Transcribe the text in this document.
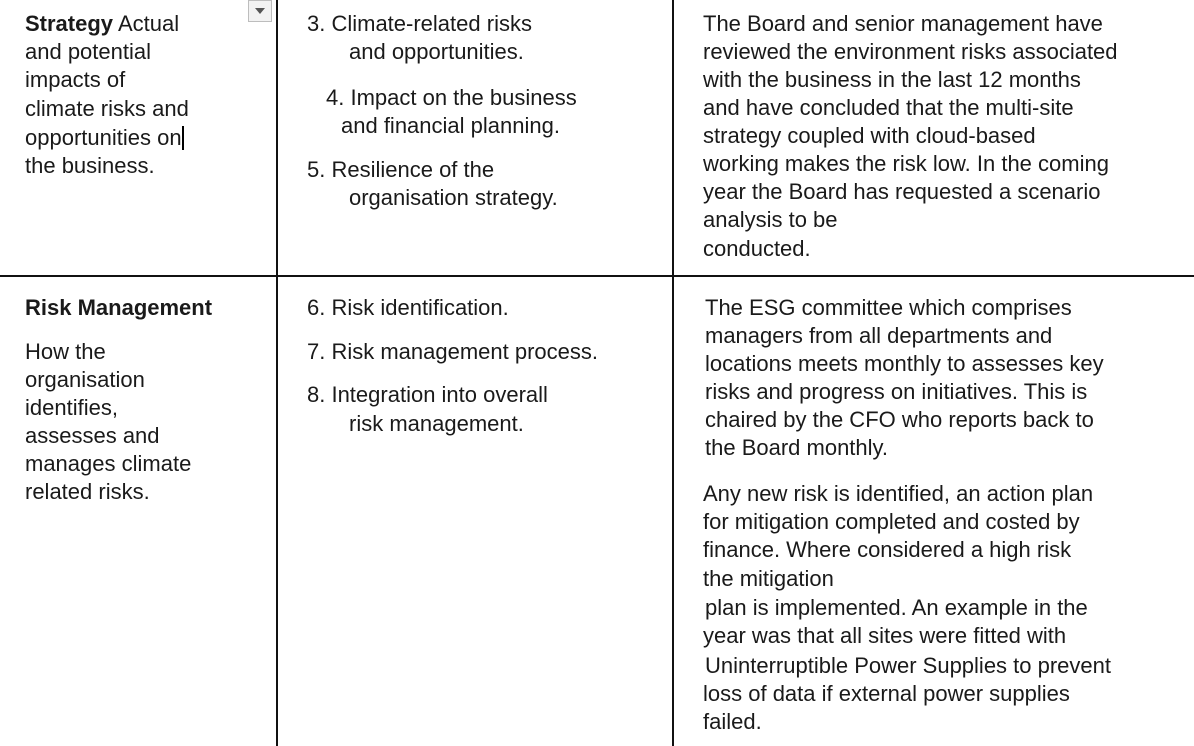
Strategy Actual
and potential
impacts of
climate risks and
opportunities on
the business.
3. Climate-related risks
and opportunities.
4. Impact on the business
and financial planning.
5. Resilience of the
organisation strategy.
The Board and senior management have
reviewed the environment risks associated
with the business in the last 12 months
and have concluded that the multi-site
strategy coupled with cloud-based
working makes the risk low. In the coming
year the Board has requested a scenario
analysis to be
conducted.
Risk Management
How the
organisation
identifies,
assesses and
manages climate
related risks.
6. Risk identification.
7. Risk management process.
8. Integration into overall
risk management.
The ESG committee which comprises
managers from all departments and
locations meets monthly to assesses key
risks and progress on initiatives. This is
chaired by the CFO who reports back to
the Board monthly.
Any new risk is identified, an action plan
for mitigation completed and costed by
finance. Where considered a high risk
the mitigation
plan is implemented. An example in the
year was that all sites were fitted with
Uninterruptible Power Supplies to prevent
loss of data if external power supplies
failed.
